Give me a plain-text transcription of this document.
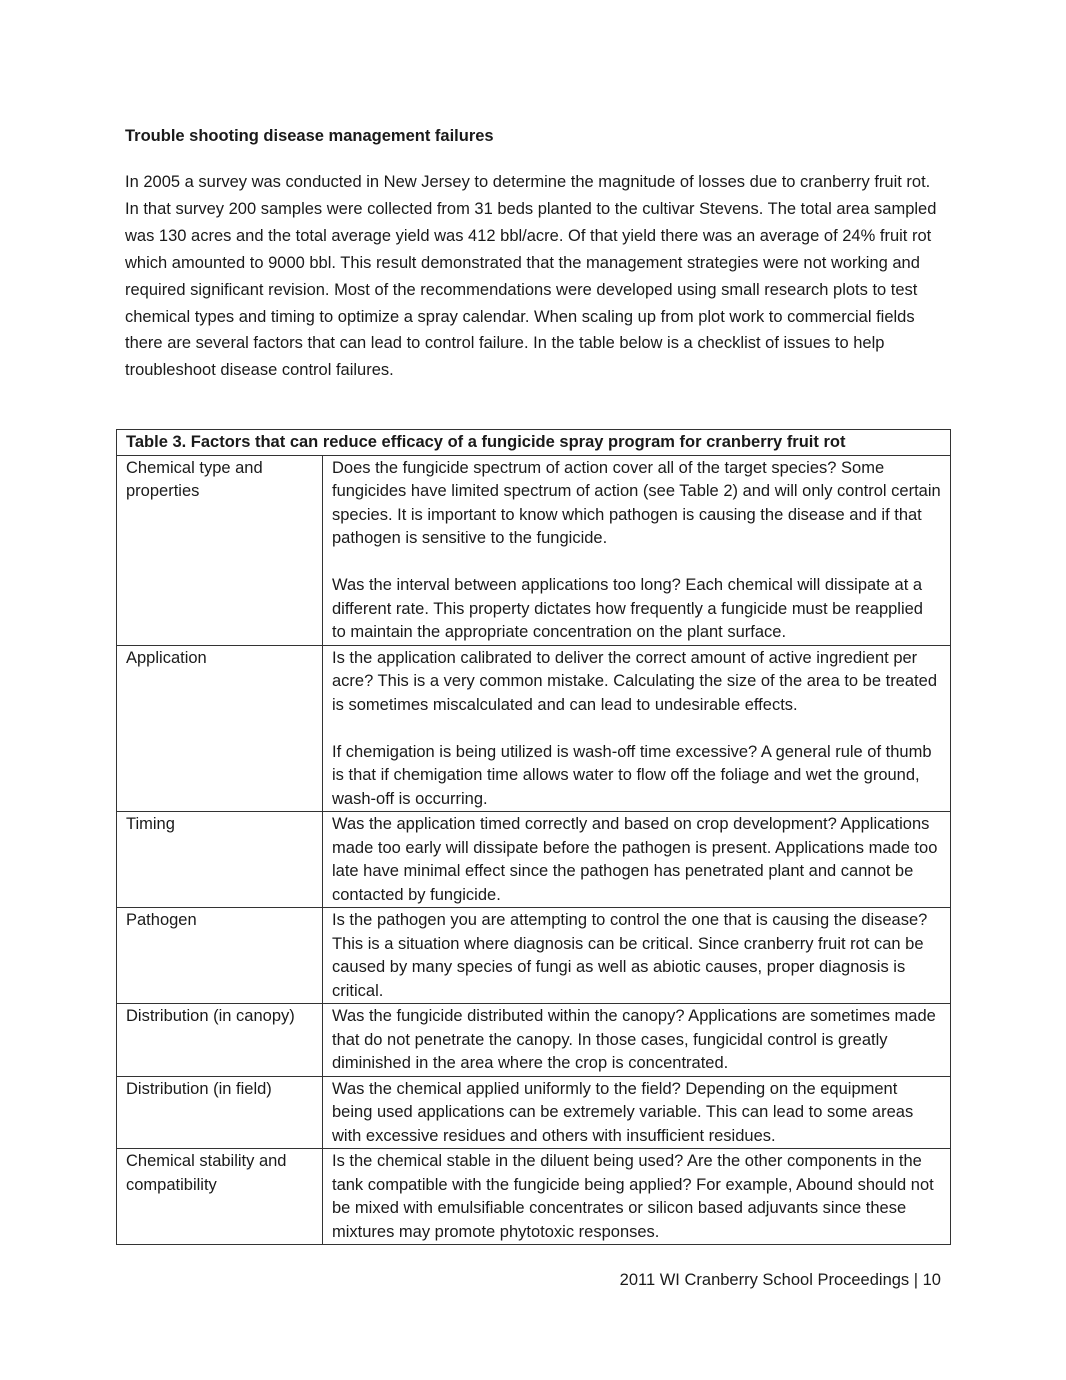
Trouble shooting disease management failures

In 2005 a survey was conducted in New Jersey to determine the magnitude of losses due to cranberry fruit rot. In that survey 200 samples were collected from 31 beds planted to the cultivar Stevens. The total area sampled was 130 acres and the total average yield was 412 bbl/acre. Of that yield there was an average of 24% fruit rot which amounted to 9000 bbl. This result demonstrated that the management strategies were not working and required significant revision. Most of the recommendations were developed using small research plots to test chemical types and timing to optimize a spray calendar. When scaling up from plot work to commercial fields there are several factors that can lead to control failure. In the table below is a checklist of issues to help troubleshoot disease control failures.

Table 3. Factors that can reduce efficacy of a fungicide spray program for cranberry fruit rot	
Chemical type and properties	Does the fungicide spectrum of action cover all of the target species? Some fungicides have limited spectrum of action (see Table 2) and will only control certain species. It is important to know which pathogen is causing the disease and if that pathogen is sensitive to the fungicide.
Was the interval between applications too long? Each chemical will dissipate at a different rate. This property dictates how frequently a fungicide must be reapplied to maintain the appropriate concentration on the plant surface.

Application	Is the application calibrated to deliver the correct amount of active ingredient per acre? This is a very common mistake. Calculating the size of the area to be treated is sometimes miscalculated and can lead to undesirable effects.
If chemigation is being utilized is wash-off time excessive? A general rule of thumb is that if chemigation time allows water to flow off the foliage and wet the ground, wash-off is occurring.

Timing	Was the application timed correctly and based on crop development? Applications made too early will dissipate before the pathogen is present. Applications made too late have minimal effect since the pathogen has penetrated plant and cannot be contacted by fungicide.
Pathogen	Is the pathogen you are attempting to control the one that is causing the disease? This is a situation where diagnosis can be critical. Since cranberry fruit rot can be caused by many species of fungi as well as abiotic causes, proper diagnosis is critical.
Distribution (in canopy)	Was the fungicide distributed within the canopy? Applications are sometimes made that do not penetrate the canopy. In those cases, fungicidal control is greatly diminished in the area where the crop is concentrated.
Distribution (in field)	Was the chemical applied uniformly to the field? Depending on the equipment being used applications can be extremely variable. This can lead to some areas with excessive residues and others with insufficient residues.
Chemical stability and compatibility	Is the chemical stable in the diluent being used? Are the other components in the tank compatible with the fungicide being applied? For example, Abound should not be mixed with emulsifiable concentrates or silicon based adjuvants since these mixtures may promote phytotoxic responses.
2011 WI Cranberry School Proceedings | 10
